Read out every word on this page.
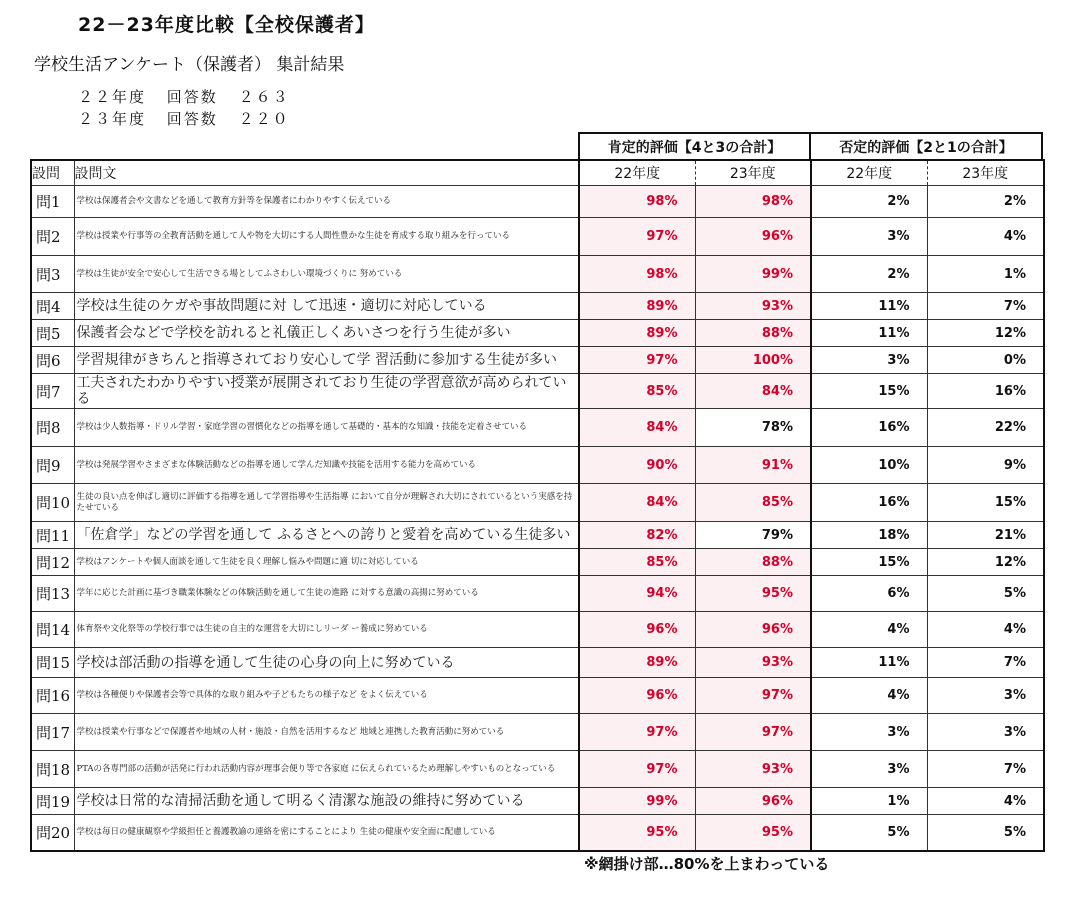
22－23年度比較【全校保護者】
学校生活アンケート（保護者） 集計結果
２２年度 回答数 ２６３
２３年度 回答数 ２２０
肯定的評価【4と3の合計】	否定的評価【2と1の合計】
設問	設問文	22年度	23年度	22年度	23年度
問1	学校は保護者会や文書などを通して教育方針等を保護者にわかりやすく伝えている	98%	98%	2%	2%
問2	学校は授業や行事等の全教育活動を通して人や物を大切にする人間性豊かな生徒を育成する取り組みを行っている	97%	96%	3%	4%
問3	学校は生徒が安全で安心して生活できる場としてふさわしい環境づくりに 努めている	98%	99%	2%	1%
問4	学校は生徒のケガや事故問題に対 して迅速・適切に対応している	89%	93%	11%	7%
問5	保護者会などで学校を訪れると礼儀正しくあいさつを行う生徒が多い	89%	88%	11%	12%
問6	学習規律がきちんと指導されており安心して学 習活動に参加する生徒が多い	97%	100%	3%	0%
問7	工夫されたわかりやすい授業が展開されており生徒の学習意欲が高められている	85%	84%	15%	16%
問8	学校は少人数指導・ドリル学習・家庭学習の習慣化などの指導を通して基礎的・基本的な知識・技能を定着させている	84%	78%	16%	22%
問9	学校は発展学習やさまざまな体験活動などの指導を通して学んだ知識や技能を活用する能力を高めている	90%	91%	10%	9%
問10	生徒の良い点を伸ばし適切に評価する指導を通して学習指導や生活指導 において自分が理解され大切にされているという実感を持たせている	84%	85%	16%	15%
問11	「佐倉学」などの学習を通して ふるさとへの誇りと愛着を高めている生徒多い	82%	79%	18%	21%
問12	学校はアンケートや個人面談を通して生徒を良く理解し悩みや問題に適 切に対応している	85%	88%	15%	12%
問13	学年に応じた計画に基づき職業体験などの体験活動を通して生徒の進路 に対する意識の高揚に努めている	94%	95%	6%	5%
問14	体育祭や文化祭等の学校行事では生徒の自主的な運営を大切にしリーダ ー養成に努めている	96%	96%	4%	4%
問15	学校は部活動の指導を通して生徒の心身の向上に努めている	89%	93%	11%	7%
問16	学校は各種便りや保護者会等で具体的な取り組みや子どもたちの様子など をよく伝えている	96%	97%	4%	3%
問17	学校は授業や行事などで保護者や地域の人材・施設・自然を活用するなど 地域と連携した教育活動に努めている	97%	97%	3%	3%
問18	PTAの各専門部の活動が活発に行われ活動内容が理事会便り等で各家庭 に伝えられているため理解しやすいものとなっている	97%	93%	3%	7%
問19	学校は日常的な清掃活動を通して明るく清潔な施設の維持に努めている	99%	96%	1%	4%
問20	学校は毎日の健康観察や学級担任と養護教諭の連絡を密にすることにより 生徒の健康や安全面に配慮している	95%	95%	5%	5%
※網掛け部…80%を上まわっている
